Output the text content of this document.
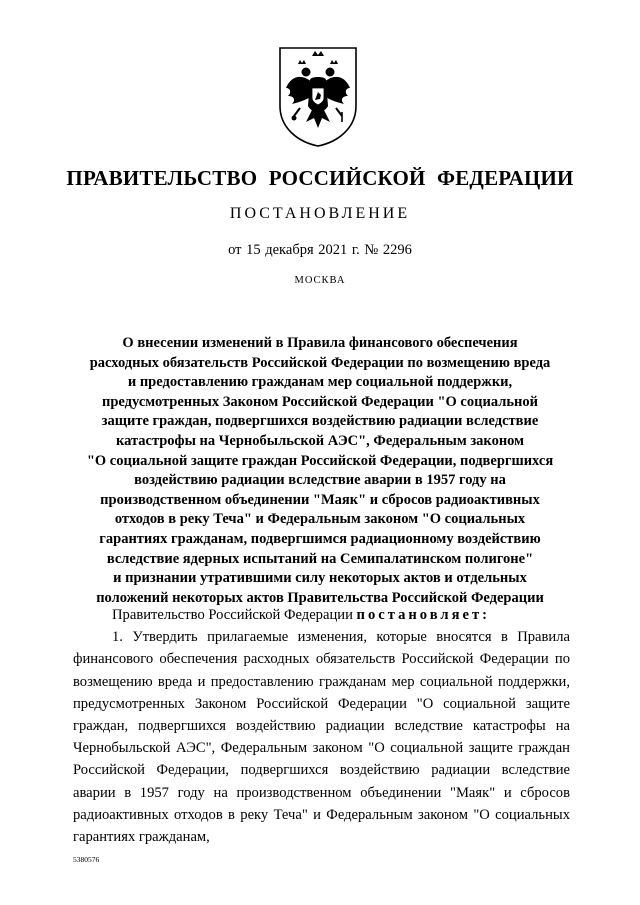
ПРАВИТЕЛЬСТВО РОССИЙСКОЙ ФЕДЕРАЦИИ
ПОСТАНОВЛЕНИЕ
от 15 декабря 2021 г. № 2296
МОСКВА
О внесении изменений в Правила финансового обеспечения
расходных обязательств Российской Федерации по возмещению вреда
и предоставлению гражданам мер социальной поддержки,
предусмотренных Законом Российской Федерации "О социальной
защите граждан, подвергшихся воздействию радиации вследствие
катастрофы на Чернобыльской АЭС", Федеральным законом
"О социальной защите граждан Российской Федерации, подвергшихся
воздействию радиации вследствие аварии в 1957 году на
производственном объединении "Маяк" и сбросов радиоактивных
отходов в реку Теча" и Федеральным законом "О социальных
гарантиях гражданам, подвергшимся радиационному воздействию
вследствие ядерных испытаний на Семипалатинском полигоне"
и признании утратившими силу некоторых актов и отдельных
положений некоторых актов Правительства Российской Федерации
Правительство Российской Федерации постановляет:

1. Утвердить прилагаемые изменения, которые вносятся в Правила финансового обеспечения расходных обязательств Российской Федерации по возмещению вреда и предоставлению гражданам мер социальной поддержки, предусмотренных Законом Российской Федерации "О социальной защите граждан, подвергшихся воздействию радиации вследствие катастрофы на Чернобыльской АЭС", Федеральным законом "О социальной защите граждан Российской Федерации, подвергшихся воздействию радиации вследствие аварии в 1957 году на производственном объединении "Маяк" и сбросов радиоактивных отходов в реку Теча" и Федеральным законом "О социальных гарантиях гражданам,

5380576
